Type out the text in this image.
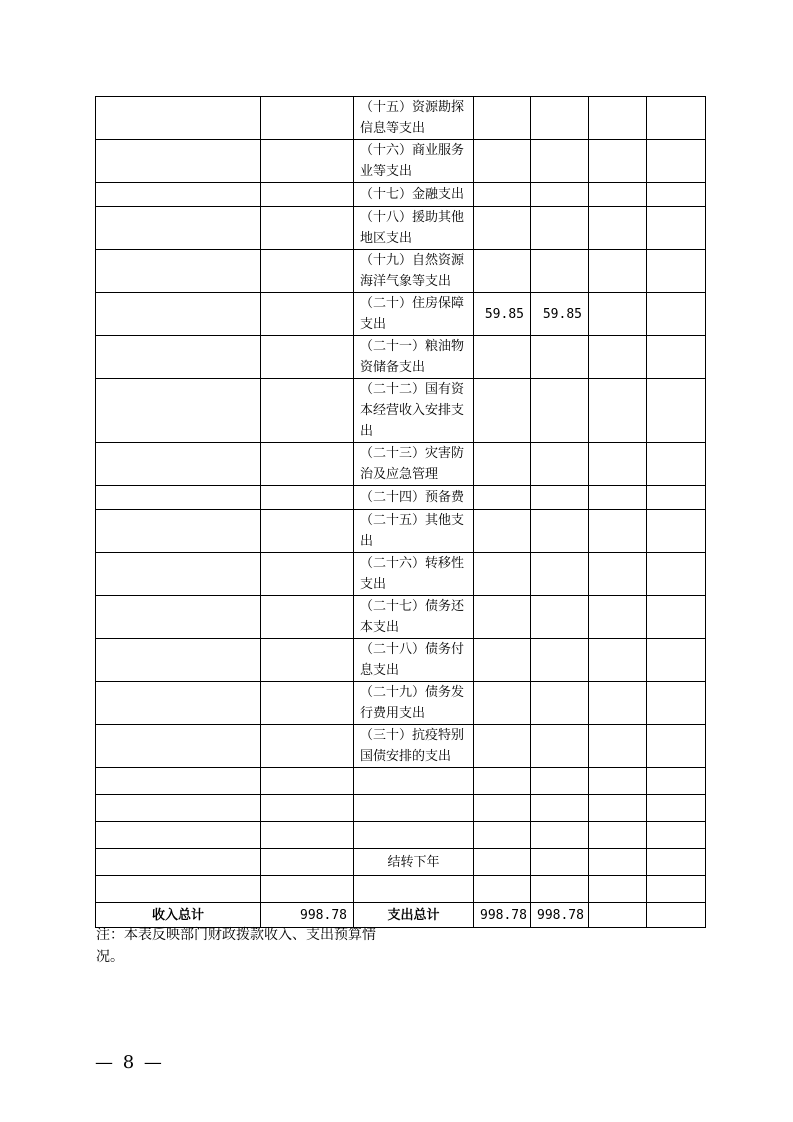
		（十五）资源勘探信息等支出				
		（十六）商业服务业等支出				
		（十七）金融支出				
		（十八）援助其他地区支出				
		（十九）自然资源海洋气象等支出				
		（二十）住房保障支出	59.85	59.85		
		（二十一）粮油物资储备支出				
		（二十二）国有资本经营收入安排支出				
		（二十三）灾害防治及应急管理				
		（二十四）预备费				
		（二十五）其他支出				
		（二十六）转移性支出				
		（二十七）债务还本支出				
		（二十八）债务付息支出				
		（二十九）债务发行费用支出				
		（三十）抗疫特别国债安排的支出				

		结转下年				

收入总计	998.78	支出总计	998.78	998.78		
注：本表反映部门财政拨款收入、支出预算情况。
— 8 —
